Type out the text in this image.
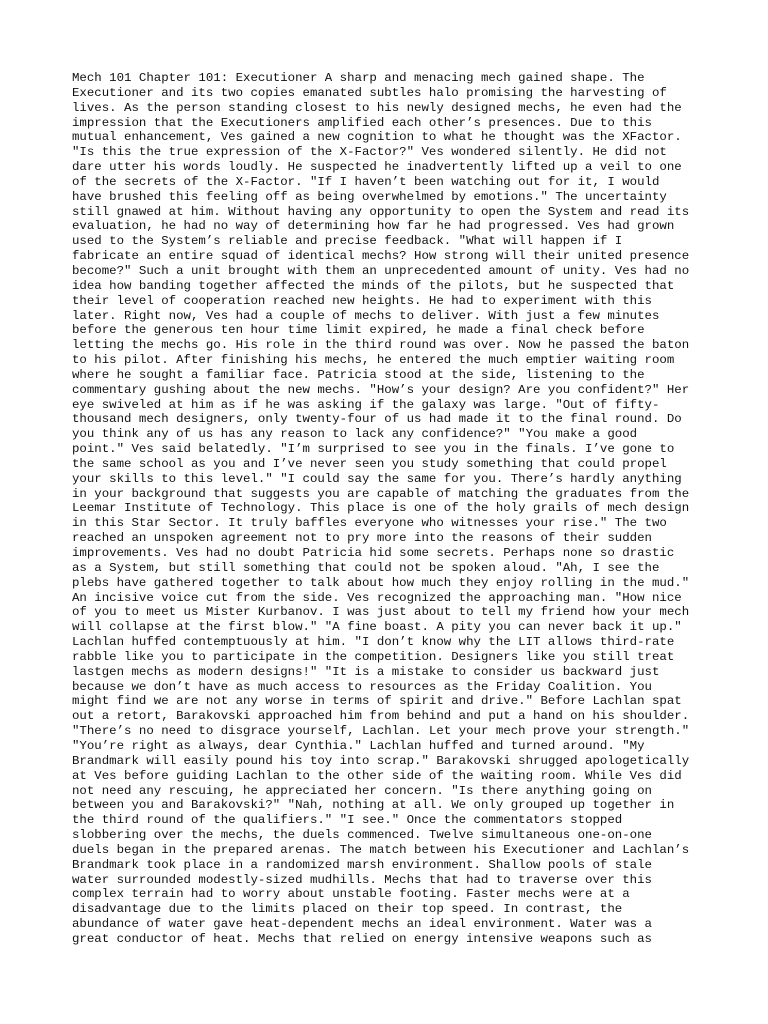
Mech 101 Chapter 101: Executioner A sharp and menacing mech gained shape. The
Executioner and its two copies emanated subtles halo promising the harvesting of
lives. As the person standing closest to his newly designed mechs, he even had the
impression that the Executioners amplified each other’s presences. Due to this
mutual enhancement, Ves gained a new cognition to what he thought was the XFactor.
"Is this the true expression of the X-Factor?" Ves wondered silently. He did not
dare utter his words loudly. He suspected he inadvertently lifted up a veil to one
of the secrets of the X-Factor. "If I haven’t been watching out for it, I would
have brushed this feeling off as being overwhelmed by emotions." The uncertainty
still gnawed at him. Without having any opportunity to open the System and read its
evaluation, he had no way of determining how far he had progressed. Ves had grown
used to the System’s reliable and precise feedback. "What will happen if I
fabricate an entire squad of identical mechs? How strong will their united presence
become?" Such a unit brought with them an unprecedented amount of unity. Ves had no
idea how banding together affected the minds of the pilots, but he suspected that
their level of cooperation reached new heights. He had to experiment with this
later. Right now, Ves had a couple of mechs to deliver. With just a few minutes
before the generous ten hour time limit expired, he made a final check before
letting the mechs go. His role in the third round was over. Now he passed the baton
to his pilot. After finishing his mechs, he entered the much emptier waiting room
where he sought a familiar face. Patricia stood at the side, listening to the
commentary gushing about the new mechs. "How’s your design? Are you confident?" Her
eye swiveled at him as if he was asking if the galaxy was large. "Out of fifty-
thousand mech designers, only twenty-four of us had made it to the final round. Do
you think any of us has any reason to lack any confidence?" "You make a good
point." Ves said belatedly. "I’m surprised to see you in the finals. I’ve gone to
the same school as you and I’ve never seen you study something that could propel
your skills to this level." "I could say the same for you. There’s hardly anything
in your background that suggests you are capable of matching the graduates from the
Leemar Institute of Technology. This place is one of the holy grails of mech design
in this Star Sector. It truly baffles everyone who witnesses your rise." The two
reached an unspoken agreement not to pry more into the reasons of their sudden
improvements. Ves had no doubt Patricia hid some secrets. Perhaps none so drastic
as a System, but still something that could not be spoken aloud. "Ah, I see the
plebs have gathered together to talk about how much they enjoy rolling in the mud."
An incisive voice cut from the side. Ves recognized the approaching man. "How nice
of you to meet us Mister Kurbanov. I was just about to tell my friend how your mech
will collapse at the first blow." "A fine boast. A pity you can never back it up."
Lachlan huffed contemptuously at him. "I don’t know why the LIT allows third-rate
rabble like you to participate in the competition. Designers like you still treat
lastgen mechs as modern designs!" "It is a mistake to consider us backward just
because we don’t have as much access to resources as the Friday Coalition. You
might find we are not any worse in terms of spirit and drive." Before Lachlan spat
out a retort, Barakovski approached him from behind and put a hand on his shoulder.
"There’s no need to disgrace yourself, Lachlan. Let your mech prove your strength."
"You’re right as always, dear Cynthia." Lachlan huffed and turned around. "My
Brandmark will easily pound his toy into scrap." Barakovski shrugged apologetically
at Ves before guiding Lachlan to the other side of the waiting room. While Ves did
not need any rescuing, he appreciated her concern. "Is there anything going on
between you and Barakovski?" "Nah, nothing at all. We only grouped up together in
the third round of the qualifiers." "I see." Once the commentators stopped
slobbering over the mechs, the duels commenced. Twelve simultaneous one-on-one
duels began in the prepared arenas. The match between his Executioner and Lachlan’s
Brandmark took place in a randomized marsh environment. Shallow pools of stale
water surrounded modestly-sized mudhills. Mechs that had to traverse over this
complex terrain had to worry about unstable footing. Faster mechs were at a
disadvantage due to the limits placed on their top speed. In contrast, the
abundance of water gave heat-dependent mechs an ideal environment. Water was a
great conductor of heat. Mechs that relied on energy intensive weapons such as
